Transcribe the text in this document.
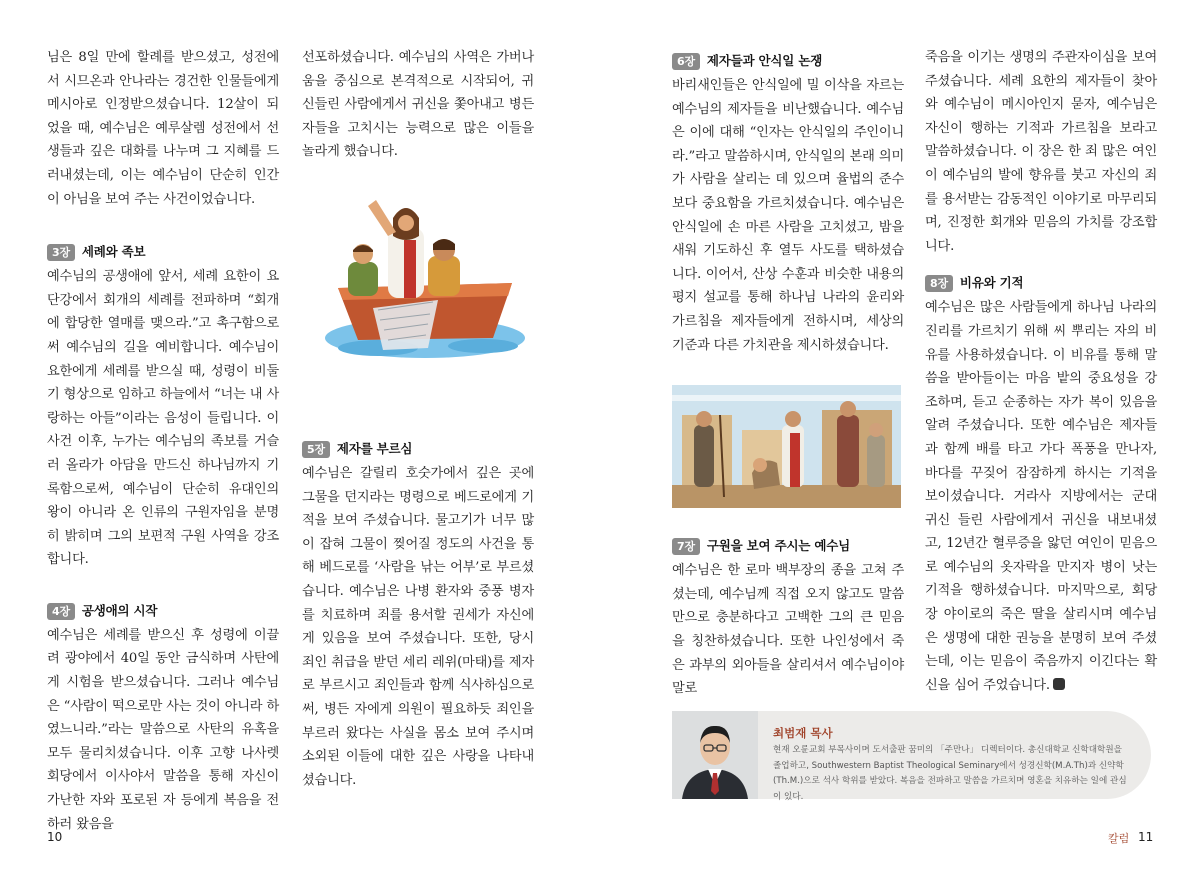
님은 8일 만에 할례를 받으셨고, 성전에서 시므온과 안나라는 경건한 인물들에게 메시아로 인정받으셨습니다. 12살이 되었을 때, 예수님은 예루살렘 성전에서 선생들과 깊은 대화를 나누며 그 지혜를 드러내셨는데, 이는 예수님이 단순히 인간이 아님을 보여 주는 사건이었습니다.

3장 세례와 족보

예수님의 공생애에 앞서, 세례 요한이 요단강에서 회개의 세례를 전파하며 “회개에 합당한 열매를 맺으라.”고 촉구함으로써 예수님의 길을 예비합니다. 예수님이 요한에게 세례를 받으실 때, 성령이 비둘기 형상으로 임하고 하늘에서 “너는 내 사랑하는 아들”이라는 음성이 들립니다. 이 사건 이후, 누가는 예수님의 족보를 거슬러 올라가 아담을 만드신 하나님까지 기록함으로써, 예수님이 단순히 유대인의 왕이 아니라 온 인류의 구원자임을 분명히 밝히며 그의 보편적 구원 사역을 강조합니다.

4장 공생애의 시작

예수님은 세례를 받으신 후 성령에 이끌려 광야에서 40일 동안 금식하며 사탄에게 시험을 받으셨습니다. 그러나 예수님은 “사람이 떡으로만 사는 것이 아니라 하였느니라.”라는 말씀으로 사탄의 유혹을 모두 물리치셨습니다. 이후 고향 나사렛 회당에서 이사야서 말씀을 통해 자신이 가난한 자와 포로된 자 등에게 복음을 전하러 왔음을

선포하셨습니다. 예수님의 사역은 가버나움을 중심으로 본격적으로 시작되어, 귀신들린 사람에게서 귀신을 쫓아내고 병든 자들을 고치시는 능력으로 많은 이들을 놀라게 했습니다.

5장 제자를 부르심

예수님은 갈릴리 호숫가에서 깊은 곳에 그물을 던지라는 명령으로 베드로에게 기적을 보여 주셨습니다. 물고기가 너무 많이 잡혀 그물이 찢어질 정도의 사건을 통해 베드로를 ‘사람을 낚는 어부’로 부르셨습니다. 예수님은 나병 환자와 중풍 병자를 치료하며 죄를 용서할 권세가 자신에게 있음을 보여 주셨습니다. 또한, 당시 죄인 취급을 받던 세리 레위(마태)를 제자로 부르시고 죄인들과 함께 식사하심으로써, 병든 자에게 의원이 필요하듯 죄인을 부르러 왔다는 사실을 몸소 보여 주시며 소외된 이들에 대한 깊은 사랑을 나타내셨습니다.

6장 제자들과 안식일 논쟁

바리새인들은 안식일에 밀 이삭을 자르는 예수님의 제자들을 비난했습니다. 예수님은 이에 대해 “인자는 안식일의 주인이니라.”라고 말씀하시며, 안식일의 본래 의미가 사람을 살리는 데 있으며 율법의 준수보다 중요함을 가르치셨습니다. 예수님은 안식일에 손 마른 사람을 고치셨고, 밤을 새워 기도하신 후 열두 사도를 택하셨습니다. 이어서, 산상 수훈과 비슷한 내용의 평지 설교를 통해 하나님 나라의 윤리와 가르침을 제자들에게 전하시며, 세상의 기준과 다른 가치관을 제시하셨습니다.

7장 구원을 보여 주시는 예수님

예수님은 한 로마 백부장의 종을 고쳐 주셨는데, 예수님께 직접 오지 않고도 말씀만으로 충분하다고 고백한 그의 큰 믿음을 칭찬하셨습니다. 또한 나인성에서 죽은 과부의 외아들을 살리셔서 예수님이야말로

죽음을 이기는 생명의 주관자이심을 보여 주셨습니다. 세례 요한의 제자들이 찾아와 예수님이 메시아인지 묻자, 예수님은 자신이 행하는 기적과 가르침을 보라고 말씀하셨습니다. 이 장은 한 죄 많은 여인이 예수님의 발에 향유를 붓고 자신의 죄를 용서받는 감동적인 이야기로 마무리되며, 진정한 회개와 믿음의 가치를 강조합니다.

8장 비유와 기적

예수님은 많은 사람들에게 하나님 나라의 진리를 가르치기 위해 씨 뿌리는 자의 비유를 사용하셨습니다. 이 비유를 통해 말씀을 받아들이는 마음 밭의 중요성을 강조하며, 듣고 순종하는 자가 복이 있음을 알려 주셨습니다. 또한 예수님은 제자들과 함께 배를 타고 가다 폭풍을 만나자, 바다를 꾸짖어 잠잠하게 하시는 기적을 보이셨습니다. 거라사 지방에서는 군대 귀신 들린 사람에게서 귀신을 내보내셨고, 12년간 혈루증을 앓던 여인이 믿음으로 예수님의 옷자락을 만지자 병이 낫는 기적을 행하셨습니다. 마지막으로, 회당장 야이로의 죽은 딸을 살리시며 예수님은 생명에 대한 권능을 분명히 보여 주셨는데, 이는 믿음이 죽음까지 이긴다는 확신을 심어 주었습니다.

최범재 목사
현재 오륜교회 부목사이며 도서출판 꿈미의 「주만나」 디렉터이다. 총신대학교 신학대학원을 졸업하고, Southwestern Baptist Theological Seminary에서 성경신학(M.A.Th)과 신약학(Th.M.)으로 석사 학위를 받았다. 복음을 전파하고 말씀을 가르치며 영혼을 치유하는 일에 관심이 있다.
10	칼럼 11
